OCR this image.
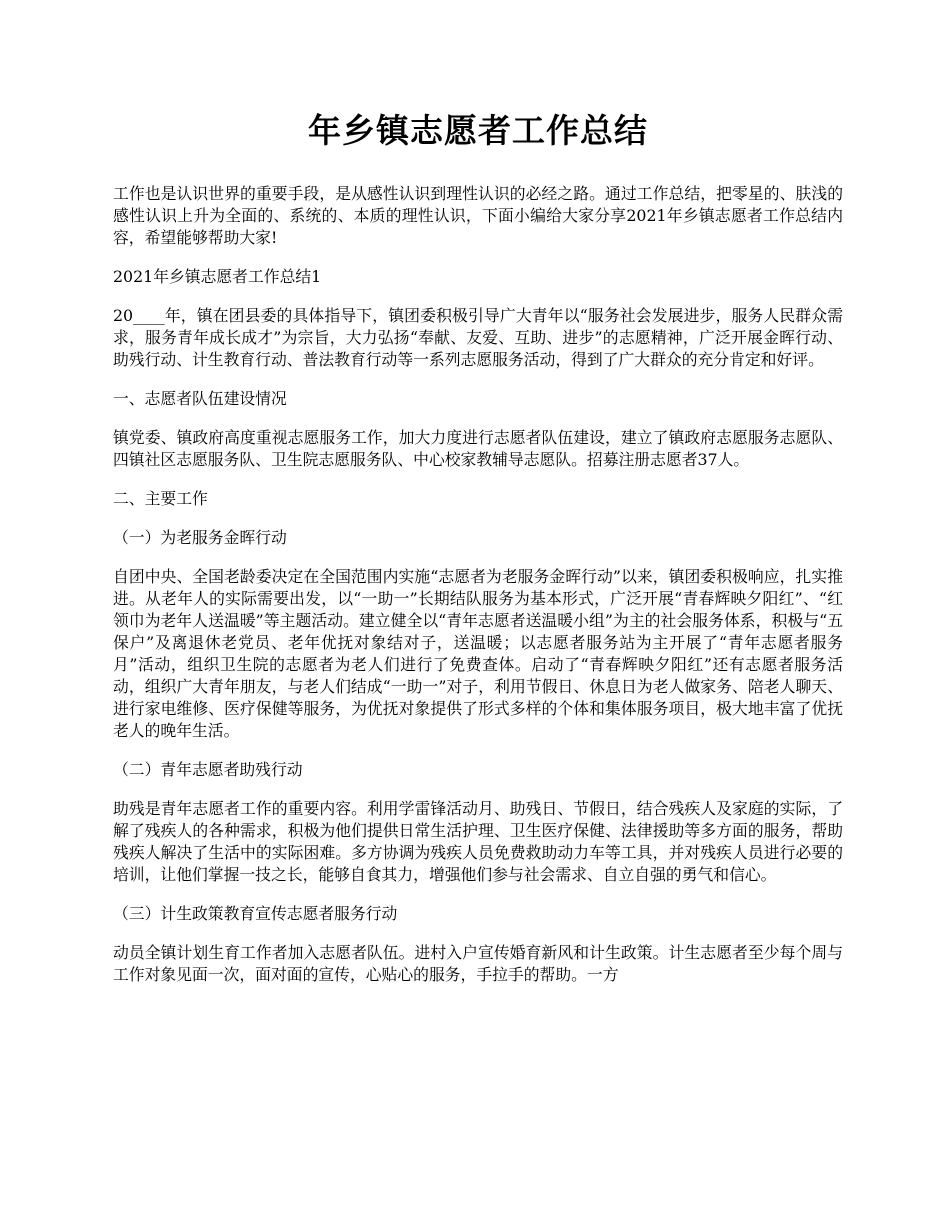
年乡镇志愿者工作总结

工作也是认识世界的重要手段，是从感性认识到理性认识的必经之路。通过工作总结，把零星的、肤浅的感性认识上升为全面的、系统的、本质的理性认识，下面小编给大家分享2021年乡镇志愿者工作总结内容，希望能够帮助大家!

2021年乡镇志愿者工作总结1

20____年，镇在团县委的具体指导下，镇团委积极引导广大青年以“服务社会发展进步，服务人民群众需求，服务青年成长成才”为宗旨，大力弘扬“奉献、友爱、互助、进步”的志愿精神，广泛开展金晖行动、助残行动、计生教育行动、普法教育行动等一系列志愿服务活动，得到了广大群众的充分肯定和好评。

一、志愿者队伍建设情况

镇党委、镇政府高度重视志愿服务工作，加大力度进行志愿者队伍建设，建立了镇政府志愿服务志愿队、四镇社区志愿服务队、卫生院志愿服务队、中心校家教辅导志愿队。招募注册志愿者37人。

二、主要工作

（一）为老服务金晖行动

自团中央、全国老龄委决定在全国范围内实施“志愿者为老服务金晖行动”以来，镇团委积极响应，扎实推进。从老年人的实际需要出发，以“一助一”长期结队服务为基本形式，广泛开展“青春辉映夕阳红”、“红领巾为老年人送温暖”等主题活动。建立健全以“青年志愿者送温暖小组”为主的社会服务体系，积极与“五保户”及离退休老党员、老年优抚对象结对子，送温暖；以志愿者服务站为主开展了“青年志愿者服务月”活动，组织卫生院的志愿者为老人们进行了免费查体。启动了“青春辉映夕阳红”还有志愿者服务活动，组织广大青年朋友，与老人们结成“一助一”对子，利用节假日、休息日为老人做家务、陪老人聊天、进行家电维修、医疗保健等服务，为优抚对象提供了形式多样的个体和集体服务项目，极大地丰富了优抚老人的晚年生活。

（二）青年志愿者助残行动

助残是青年志愿者工作的重要内容。利用学雷锋活动月、助残日、节假日，结合残疾人及家庭的实际，了解了残疾人的各种需求，积极为他们提供日常生活护理、卫生医疗保健、法律援助等多方面的服务，帮助残疾人解决了生活中的实际困难。多方协调为残疾人员免费救助动力车等工具，并对残疾人员进行必要的培训，让他们掌握一技之长，能够自食其力，增强他们参与社会需求、自立自强的勇气和信心。

（三）计生政策教育宣传志愿者服务行动

动员全镇计划生育工作者加入志愿者队伍。进村入户宣传婚育新风和计生政策。计生志愿者至少每个周与工作对象见面一次，面对面的宣传，心贴心的服务，手拉手的帮助。一方
